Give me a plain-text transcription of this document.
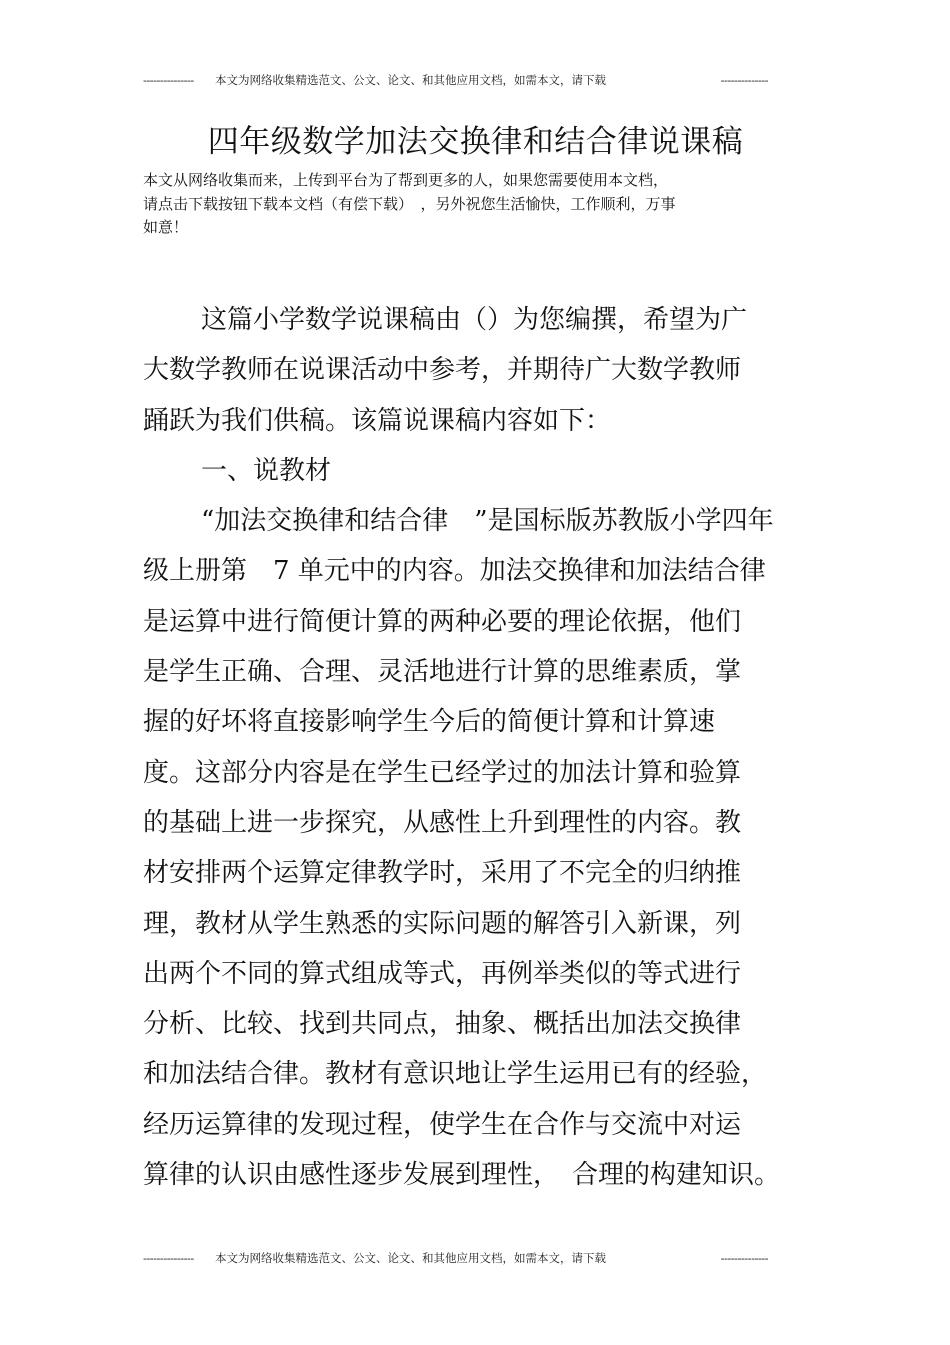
---------------	本文为网络收集精选范文、公文、论文、和其他应用文档，如需本文，请下载	--------------
四年级数学加法交换律和结合律说课稿
本文从网络收集而来，上传到平台为了帮到更多的人，如果您需要使用本文档，
请点击下载按钮下载本文档（有偿下载）　，另外祝您生活愉快，工作顺利，万事
如意！
这篇小学数学说课稿由（）为您编撰，希望为广
大数学教师在说课活动中参考，并期待广大数学教师
踊跃为我们供稿。该篇说课稿内容如下：
一、说教材
“加法交换律和结合律　”是国标版苏教版小学四年
级上册第　7 单元中的内容。加法交换律和加法结合律
是运算中进行简便计算的两种必要的理论依据，他们
是学生正确、合理、灵活地进行计算的思维素质，掌
握的好坏将直接影响学生今后的简便计算和计算速
度。这部分内容是在学生已经学过的加法计算和验算
的基础上进一步探究，从感性上升到理性的内容。教
材安排两个运算定律教学时，采用了不完全的归纳推
理，教材从学生熟悉的实际问题的解答引入新课，列
出两个不同的算式组成等式，再例举类似的等式进行
分析、比较、找到共同点，抽象、概括出加法交换律
和加法结合律。教材有意识地让学生运用已有的经验，
经历运算律的发现过程，使学生在合作与交流中对运
算律的认识由感性逐步发展到理性，　合理的构建知识。
---------------	本文为网络收集精选范文、公文、论文、和其他应用文档，如需本文，请下载	--------------
